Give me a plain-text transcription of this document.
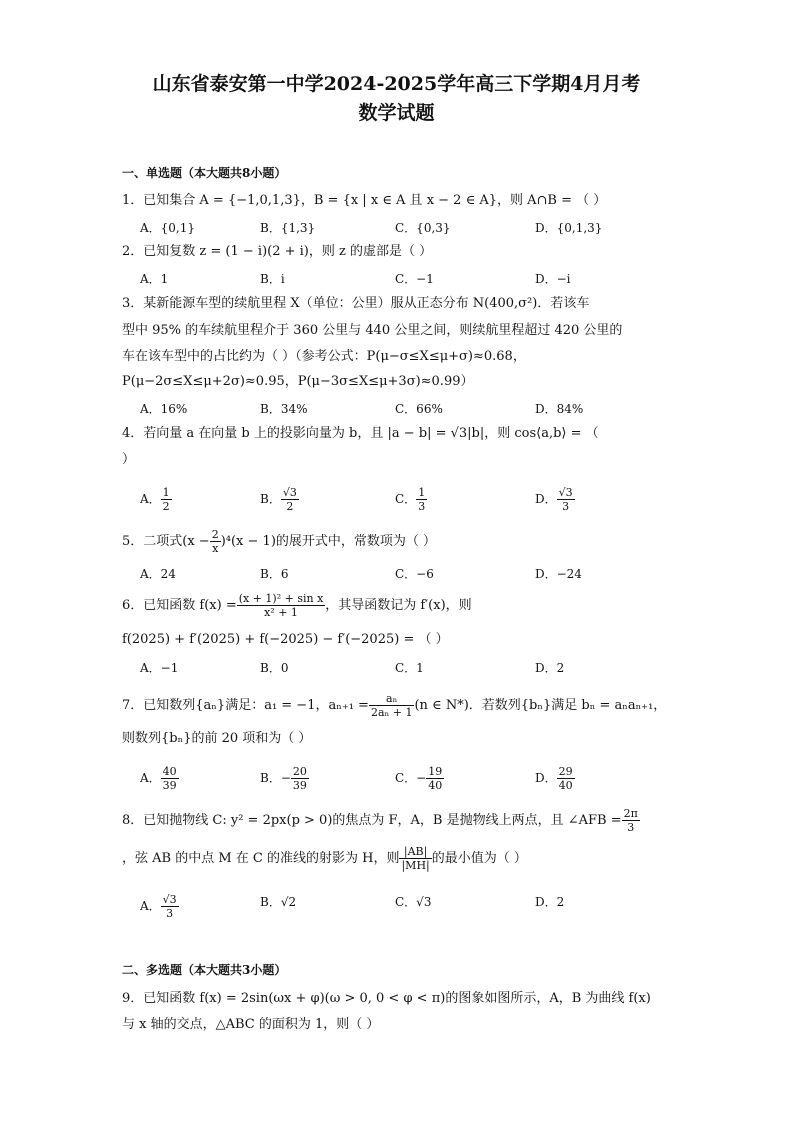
山东省泰安第一中学2024-2025学年高三下学期4月月考
数学试题
一、单选题（本大题共8小题）
1．已知集合 A = {−1,0,1,3}，B = {x | x ∈ A 且 x − 2 ∈ A}，则 A∩B = （ ）
A．{0,1}	B．{1,3}	C．{0,3}	D．{0,1,3}
2．已知复数 z = (1 − i)(2 + i)，则 z 的虚部是（ ）
A．1	B．i	C．−1	D．−i
3．某新能源车型的续航里程 X（单位：公里）服从正态分布 N(400,σ²)．若该车
型中 95% 的车续航里程介于 360 公里与 440 公里之间，则续航里程超过 420 公里的
车在该车型中的占比约为（ ）（参考公式：P(μ−σ≤X≤μ+σ)≈0.68，
P(μ−2σ≤X≤μ+2σ)≈0.95，P(μ−3σ≤X≤μ+3σ)≈0.99）
A．16%	B．34%	C．66%	D．84%
4．若向量 a 在向量 b 上的投影向量为 b，且 |a − b| = √3|b|，则 cos⟨a,b⟩ = （
）
A． $\frac{1}{2}$	B． $\frac{√3}{2}$	C． $\frac{1}{3}$	D． $\frac{√3}{3}$
5．二项式$(x - \frac{2}{x} )^4(x - 1)$的展开式中，常数项为（ ）
A．24	B．6	C．−6	D．−24
6．已知函数 $f(x) = \frac{\text{(x + 1)² + sin x}}{\text{x² + 1}}$ ，其导函数记为 f′(x)，则
f(2025) + f′(2025) + f(−2025) − f′(−2025) = （ ）
A．−1	B．0	C．1	D．2
7．已知数列{aₙ}满足：a₁ = −1，$a_{n+1} = \frac{\text{aₙ}}{\text{2aₙ + 1}} (n$ ∈ N*)．若数列{bₙ}满足 bₙ = aₙaₙ₊₁，
则数列{bₙ}的前 20 项和为（ ）
A． $\frac{40}{39}$	B．− $\frac{20}{39}$	C．− $\frac{19}{40}$	D． $\frac{29}{40}$
8．已知抛物线 C: y² = 2px(p > 0)的焦点为 F，A，B 是抛物线上两点，且 ∠AFB = $\frac{2\pi}{3}$
，弦 AB 的中点 M 在 C 的准线的射影为 H，则 $\frac{|AB|}{|MH|}$ 的最小值为（ ）
A． $\frac{√3}{3}$	B．√2	C．√3	D．2
二、多选题（本大题共3小题）
9．已知函数 f(x) = 2sin(ωx + φ)(ω > 0, 0 < φ < π)的图象如图所示，A，B 为曲线 f(x)
与 x 轴的交点，△ABC 的面积为 1，则（ ）
